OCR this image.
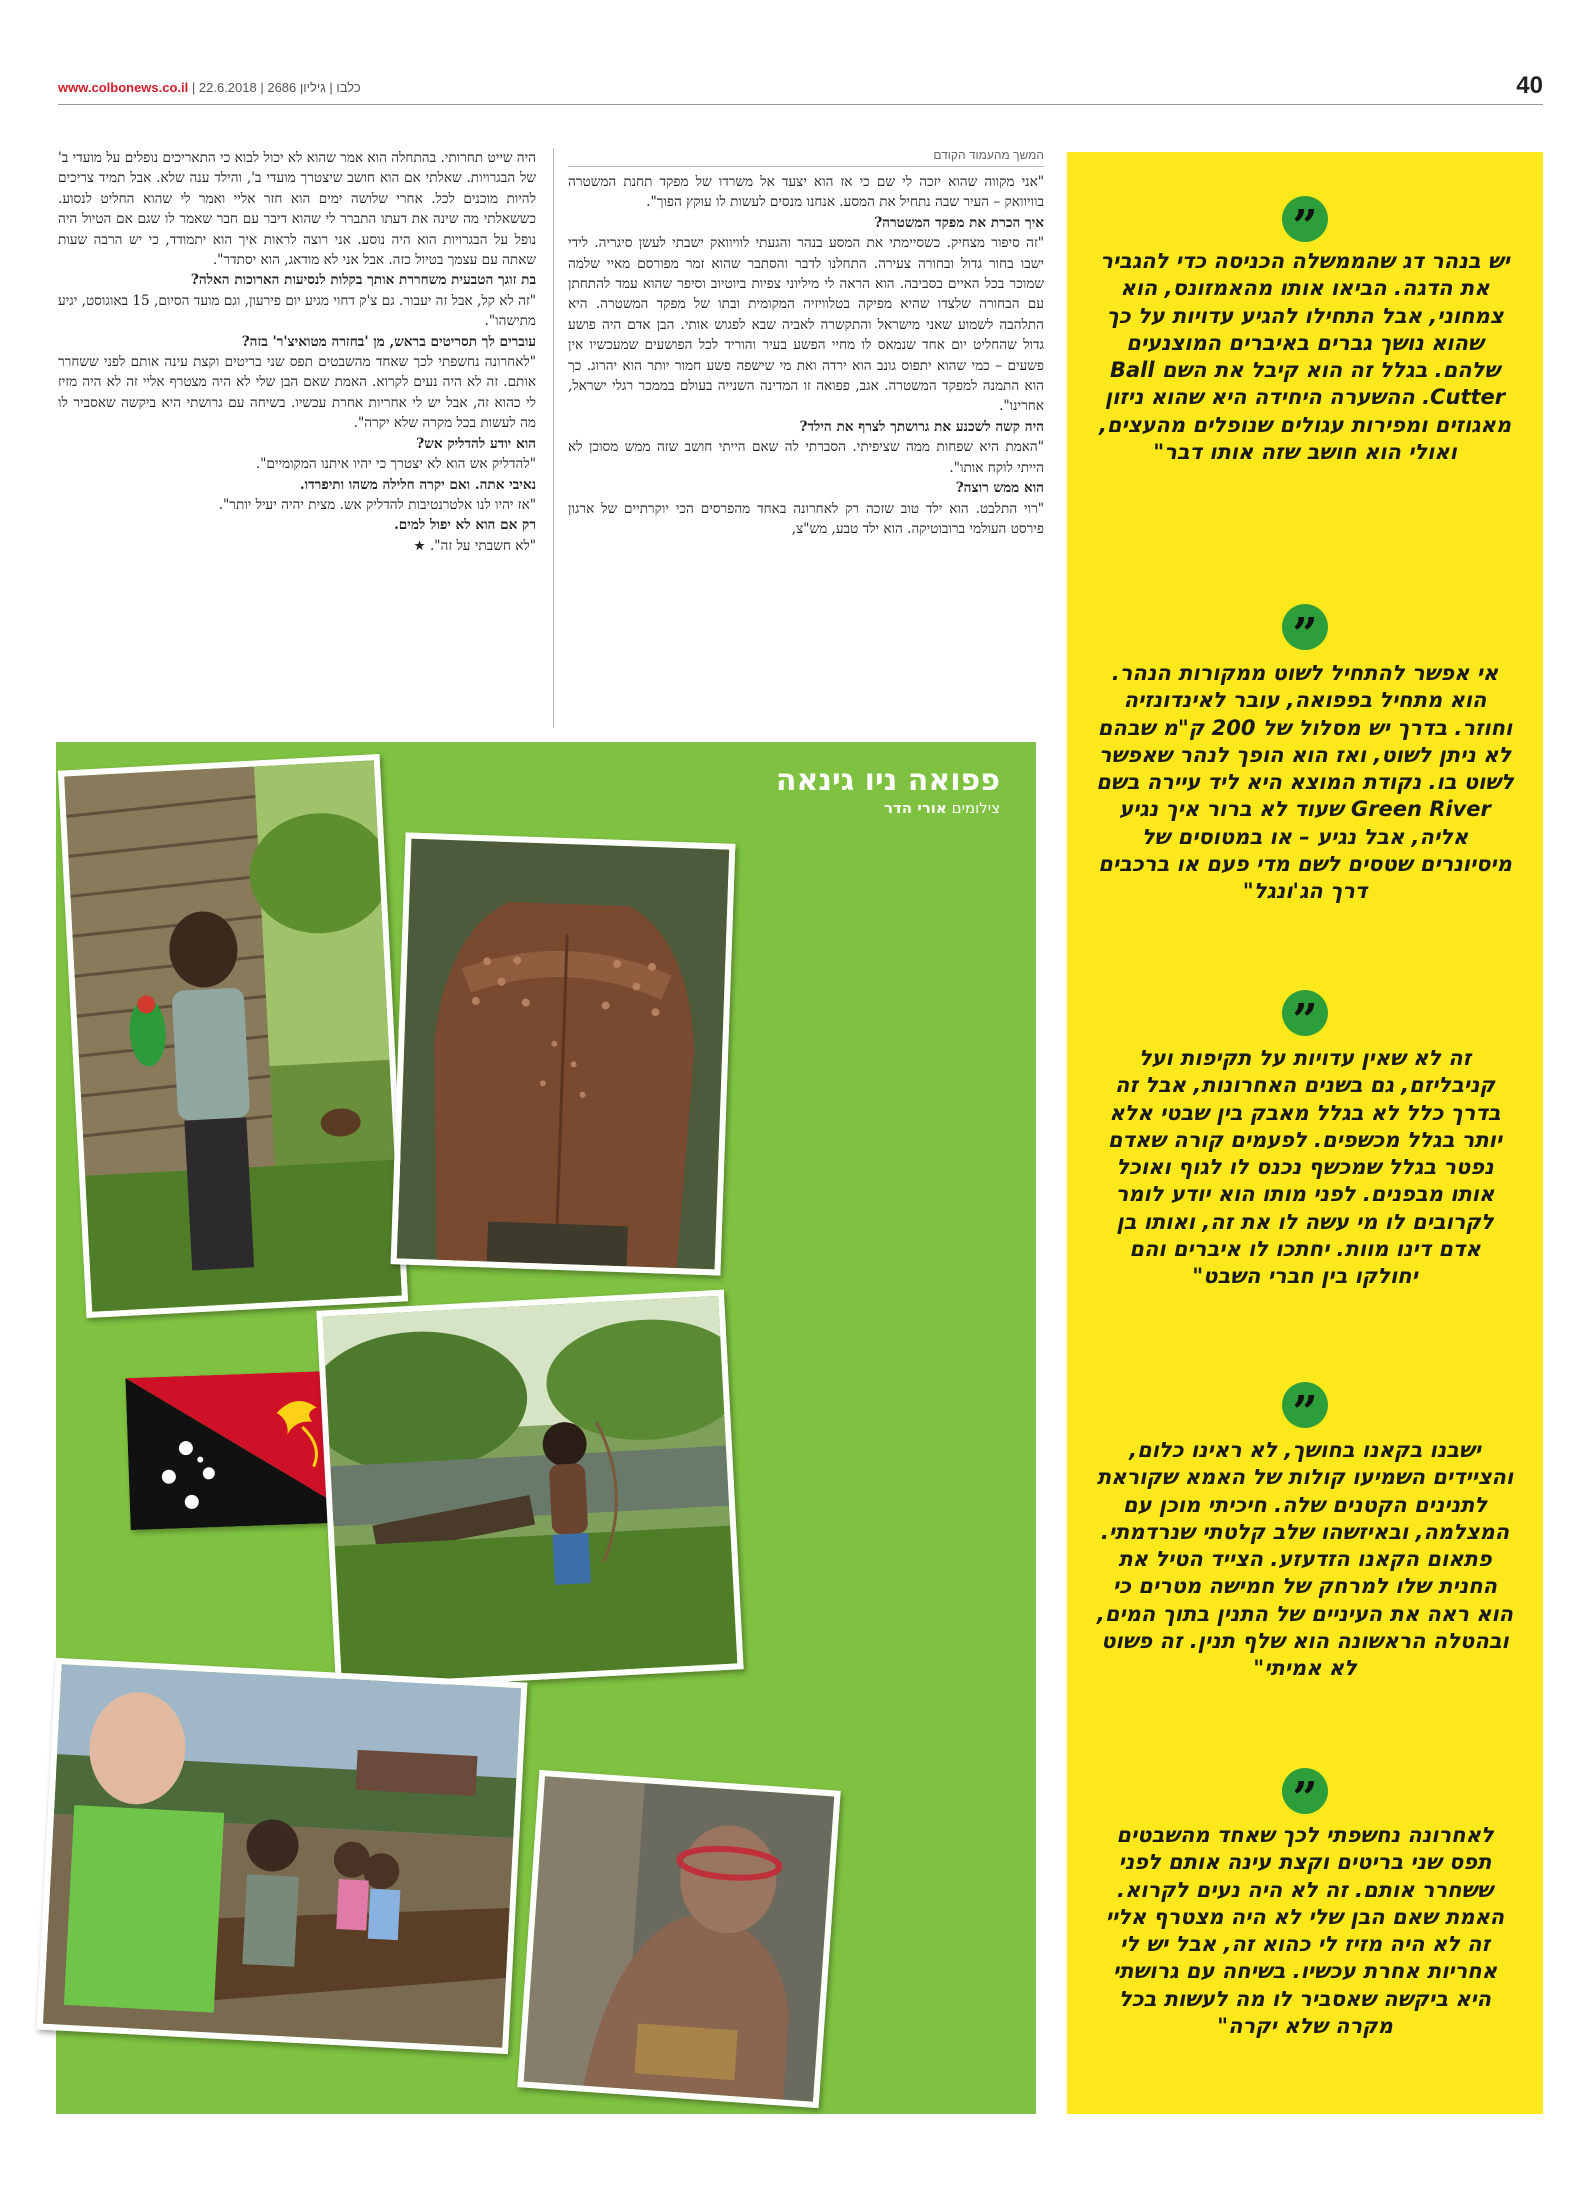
www.colbonews.co.il | כלבו | גיליון 2686 | 22.6.2018	40
המשך מהעמוד הקודם

"אני מקווה שהוא יזכה לי שם כי אז הוא יצעד אל משרדו של מפקד תחנת המשטרה בוויוואק – העיר שבה נתחיל את המסע. אנחנו מנסים לעשות לו עוקץ הפוך".

איך הכרת את מפקד המשטרה?

"זה סיפור מצחיק. כשסיימתי את המסע בנהר והגעתי לוויוואק ישבתי לעשן סיגריה. לידי ישבו בחור גדול ובחורה צעירה. התחלנו לדבר והסתבר שהוא זמר מפורסם מאיי שלמה שמוכר בכל האיים בסביבה. הוא הראה לי מיליוני צפיות ביוטיוב וסיפר שהוא עמד להתחתן עם הבחורה שלצדו שהיא מפיקה בטלוויזיה המקומית ובתו של מפקד המשטרה. היא התלהבה לשמוע שאני מישראל והתקשרה לאביה שבא לפגוש אותי. הבן אדם היה פושע גדול שהחליט יום אחד שנמאס לו מחיי הפשע בעיר והוריד לכל הפושעים שמעכשיו אין פשעים – כמי שהוא יתפוס גונב הוא ירדה ואת מי שישפה פשע חמור יותר הוא יהרוג. כך הוא התמנה למפקד המשטרה. אגב, פפואה זו המדינה השנייה בעולם בממכר רגלי ישראל, אחרינו".

היה קשה לשכנע את גרושתך לצרף את הילד?

"האמת היא שפחות ממה שציפיתי. הסברתי לה שאם הייתי חושב שזה ממש מסוכן לא הייתי לוקח אותו".

הוא ממש רוצה?

"רוי התלבט. הוא ילד טוב שזכה רק לאחרונה באחד מהפרסים הכי יוקרתיים של ארגון פירסט העולמי ברובוטיקה. הוא ילד טבע, מש"צ,

היה שייט תחרותי. בהתחלה הוא אמר שהוא לא יכול לבוא כי התאריכים נופלים על מועדי ב' של הבגרויות. שאלתי אם הוא חושב שיצטרך מועדי ב', והילד ענה שלא. אבל תמיד צריכים להיות מוכנים לכל. אחרי שלושה ימים הוא חזר אליי ואמר לי שהוא החליט לנסוע. כששאלתי מה שינה את דעתו התברר לי שהוא דיבר עם חבר שאמר לו שגם אם הטיול היה נופל על הבגרויות הוא היה נוסע. אני רוצה לראות איך הוא יתמודד, כי יש הרבה שעות שאתה עם עצמך בטיול כזה. אבל אני לא מודאג, הוא יסתדר".

בת זוגך הטבעית משחררת אותך בקלות לנסיעות הארוכות האלה?

"זה לא קל, אבל זה יעבור. גם צ'ק דחוי מגיע יום פירעון, וגם מועד הסיום, 15 באוגוסט, יגיע מתישהו".

עוברים לך תסריטים בראש, מן 'בחזרה מטואיצ'ר' בזה?

"לאחרונה נחשפתי לכך שאחד מהשבטים תפס שני בריטים וקצת עינה אותם לפני ששחרר אותם. זה לא היה נעים לקרוא. האמת שאם הבן שלי לא היה מצטרף אליי זה לא היה מזיז לי כהוא זה, אבל יש לי אחריות אחרת עכשיו. בשיחה עם גרושתי היא ביקשה שאסביר לו מה לעשות בכל מקרה שלא יקרה".

הוא יודע להדליק אש?

"להדליק אש הוא לא יצטרך כי יהיו איתנו המקומיים".

נאיבי אתה. ואם יקרה חלילה משהו ותיפרדו.

"אז יהיו לנו אלטרנטיבות להדליק אש. מצית יהיה יעיל יותר".

רק אם הוא לא יפול למים.

"לא חשבתי על זה". ★

”
יש בנהר דג שהממשלה הכניסה כדי להגביר את הדגה. הביאו אותו מהאמזונס, הוא צמחוני, אבל התחילו להגיע עדויות על כך שהוא נושך גברים באיברים המוצנעים שלהם. בגלל זה הוא קיבל את השם Ball Cutter. ההשערה היחידה היא שהוא ניזון מאגוזים ומפירות עגולים שנופלים מהעצים, ואולי הוא חושב שזה אותו דבר"
”
אי אפשר להתחיל לשוט ממקורות הנהר. הוא מתחיל בפפואה, עובר לאינדונזיה וחוזר. בדרך יש מסלול של 200 ק"מ שבהם לא ניתן לשוט, ואז הוא הופך לנהר שאפשר לשוט בו. נקודת המוצא היא ליד עיירה בשם Green River שעוד לא ברור איך נגיע אליה, אבל נגיע – או במטוסים של מיסיונרים שטסים לשם מדי פעם או ברכבים דרך הג'ונגל"
”
זה לא שאין עדויות על תקיפות ועל קניבליזם, גם בשנים האחרונות, אבל זה בדרך כלל לא בגלל מאבק בין שבטי אלא יותר בגלל מכשפים. לפעמים קורה שאדם נפטר בגלל שמכשף נכנס לו לגוף ואוכל אותו מבפנים. לפני מותו הוא יודע לומר לקרובים לו מי עשה לו את זה, ואותו בן אדם דינו מוות. יחתכו לו איברים והם יחולקו בין חברי השבט"
”
ישבנו בקאנו בחושך, לא ראינו כלום, והציידים השמיעו קולות של האמא שקוראת לתנינים הקטנים שלה. חיכיתי מוכן עם המצלמה, ובאיזשהו שלב קלטתי שנרדמתי. פתאום הקאנו הזדעזע. הצייד הטיל את החנית שלו למרחק של חמישה מטרים כי הוא ראה את העיניים של התנין בתוך המים, ובהטלה הראשונה הוא שלף תנין. זה פשוט לא אמיתי"
”
לאחרונה נחשפתי לכך שאחד מהשבטים תפס שני בריטים וקצת עינה אותם לפני ששחרר אותם. זה לא היה נעים לקרוא. האמת שאם הבן שלי לא היה מצטרף אליי זה לא היה מזיז לי כהוא זה, אבל יש לי אחריות אחרת עכשיו. בשיחה עם גרושתי היא ביקשה שאסביר לו מה לעשות בכל מקרה שלא יקרה"
פפואה ניו גינאה
צילומים אורי הדר
